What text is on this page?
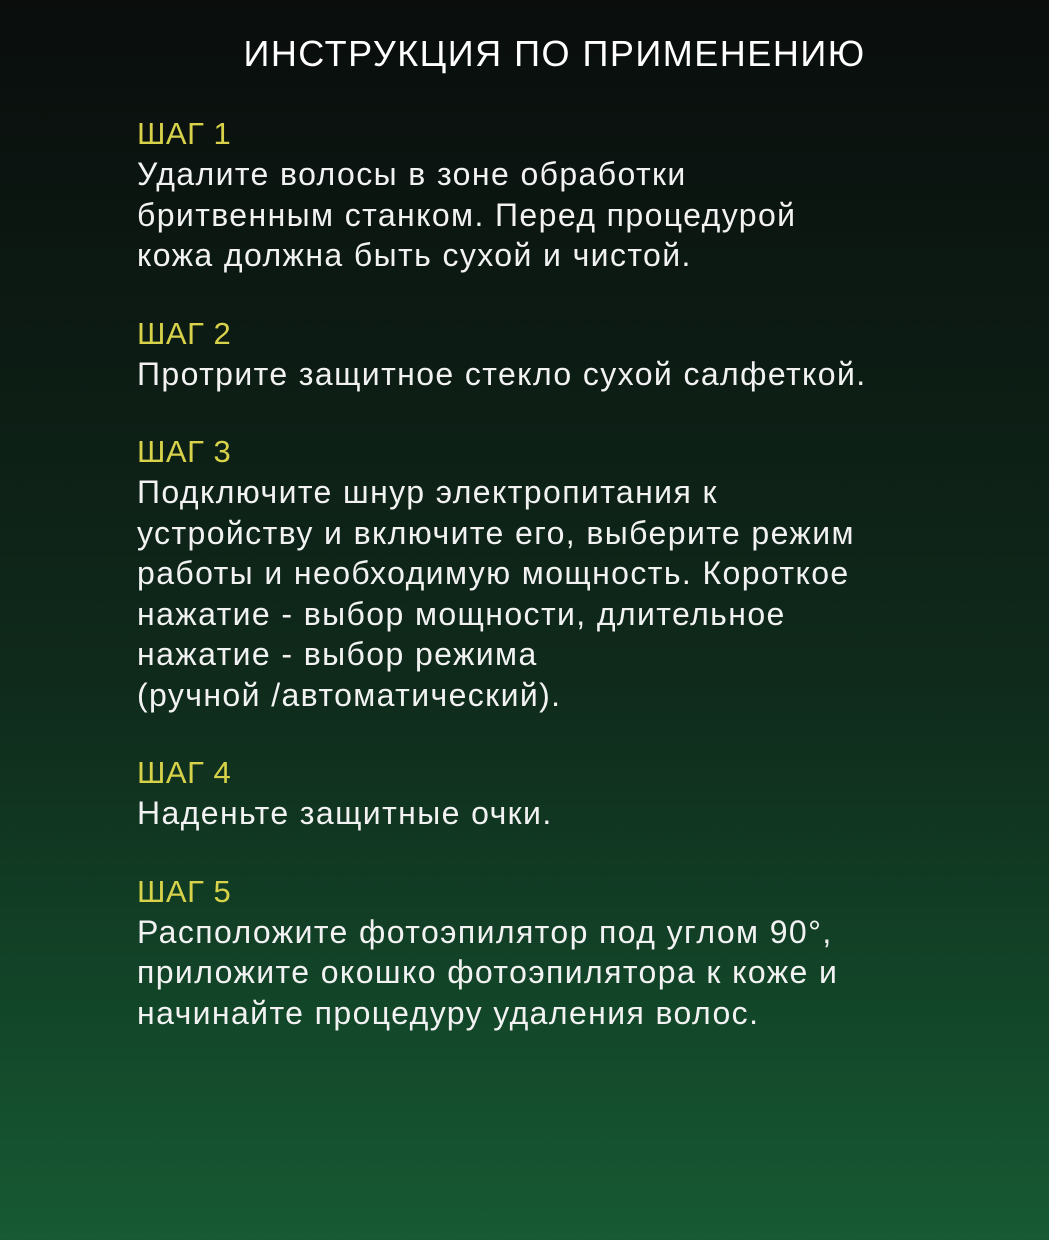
ИНСТРУКЦИЯ ПО ПРИМЕНЕНИЮ

ШАГ 1

Удалите волосы в зоне обработки

бритвенным станком. Перед процедурой

кожа должна быть сухой и чистой.

ШАГ 2

Протрите защитное стекло сухой салфеткой.

ШАГ 3

Подключите шнур электропитания к

устройству и включите его, выберите режим

работы и необходимую мощность. Короткое

нажатие - выбор мощности, длительное

нажатие - выбор режима

(ручной /автоматический).

ШАГ 4

Наденьте защитные очки.

ШАГ 5

Расположите фотоэпилятор под углом 90°,

приложите окошко фотоэпилятора к коже и

начинайте процедуру удаления волос.
